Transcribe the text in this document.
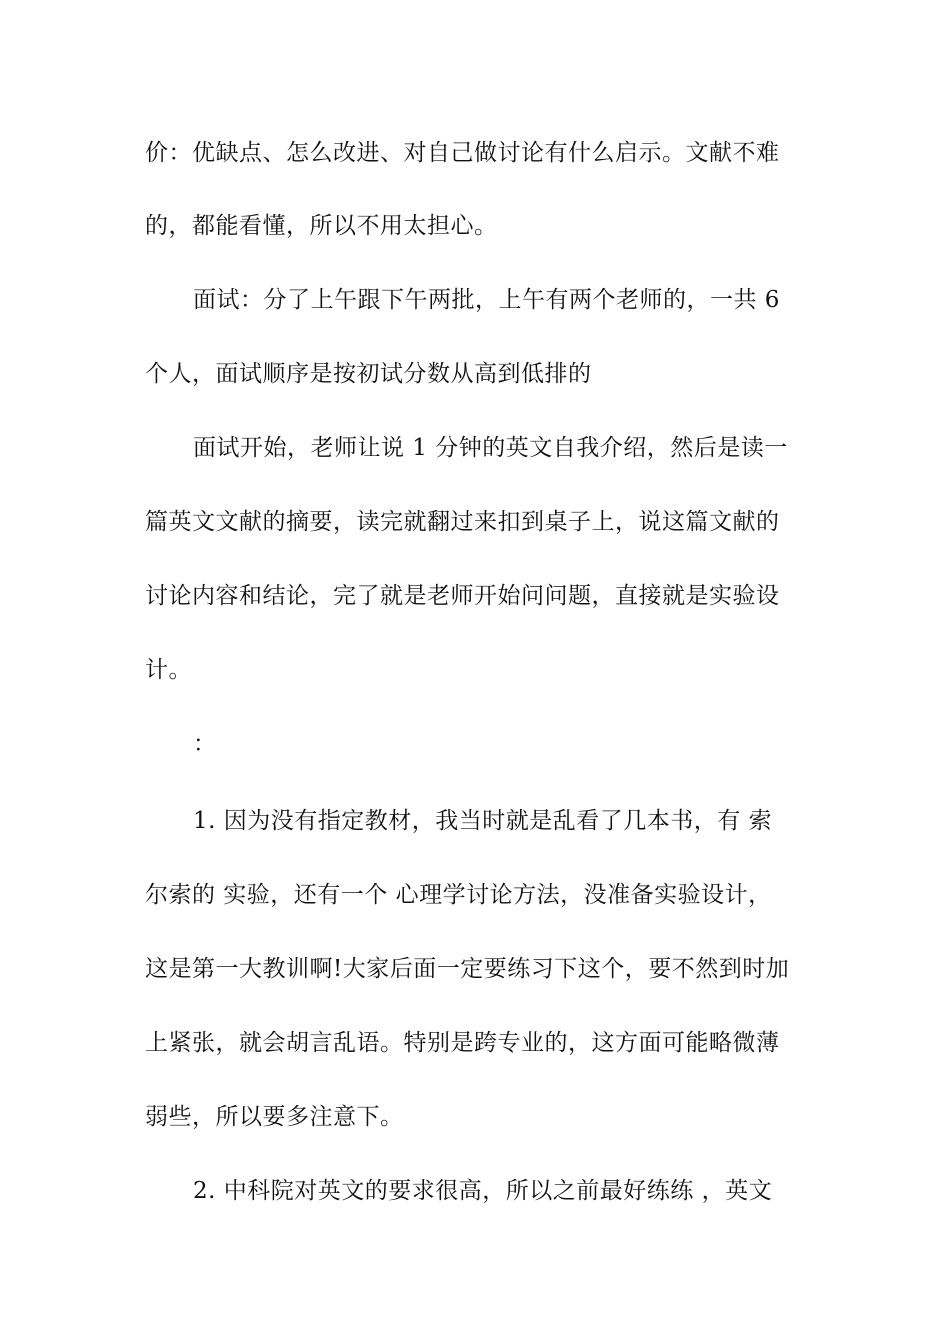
价：优缺点、怎么改进、对自己做讨论有什么启示。文献不难
的，都能看懂，所以不用太担心。
面试：分了上午跟下午两批，上午有两个老师的，一共 6
个人，面试顺序是按初试分数从高到低排的
面试开始，老师让说 1 分钟的英文自我介绍，然后是读一
篇英文文献的摘要，读完就翻过来扣到桌子上，说这篇文献的
讨论内容和结论，完了就是老师开始问问题，直接就是实验设
计。
：
1. 因为没有指定教材，我当时就是乱看了几本书，有 索
尔索的 实验，还有一个 心理学讨论方法，没准备实验设计，
这是第一大教训啊!大家后面一定要练习下这个，要不然到时加
上紧张，就会胡言乱语。特别是跨专业的，这方面可能略微薄
弱些，所以要多注意下。
2. 中科院对英文的要求很高，所以之前最好练练 ，英文
